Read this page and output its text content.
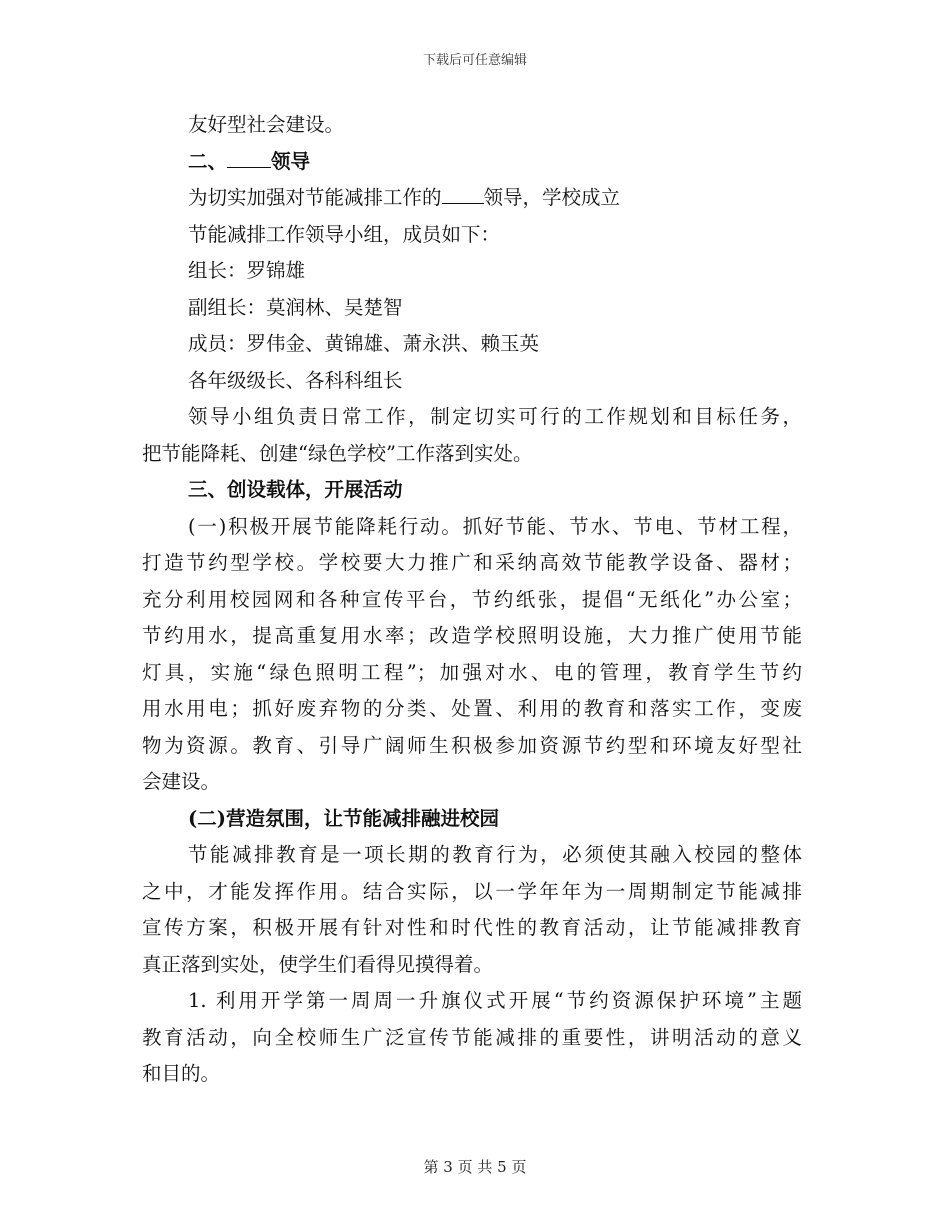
下载后可任意编辑
友好型社会建设。
二、 领导
为切实加强对节能减排工作的 领导，学校成立
节能减排工作领导小组，成员如下：
组长：罗锦雄
副组长：莫润林、吴楚智
成员：罗伟金、黄锦雄、萧永洪、赖玉英
各年级级长、各科科组长
领导小组负责日常工作，制定切实可行的工作规划和目标任务，
把节能降耗、创建“绿色学校”工作落到实处。
三、创设载体，开展活动
(一)积极开展节能降耗行动。抓好节能、节水、节电、节材工程，
打造节约型学校。学校要大力推广和采纳高效节能教学设备、器材；
充分利用校园网和各种宣传平台，节约纸张，提倡“无纸化”办公室；
节约用水，提高重复用水率；改造学校照明设施，大力推广使用节能
灯具，实施“绿色照明工程”；加强对水、电的管理，教育学生节约
用水用电；抓好废弃物的分类、处置、利用的教育和落实工作，变废
物为资源。教育、引导广阔师生积极参加资源节约型和环境友好型社
会建设。
(二)营造氛围，让节能减排融进校园
节能减排教育是一项长期的教育行为，必须使其融入校园的整体
之中，才能发挥作用。结合实际，以一学年年为一周期制定节能减排
宣传方案，积极开展有针对性和时代性的教育活动，让节能减排教育
真正落到实处，使学生们看得见摸得着。
1. 利用开学第一周周一升旗仪式开展“节约资源保护环境”主题
教育活动，向全校师生广泛宣传节能减排的重要性，讲明活动的意义
和目的。
第 3 页 共 5 页
